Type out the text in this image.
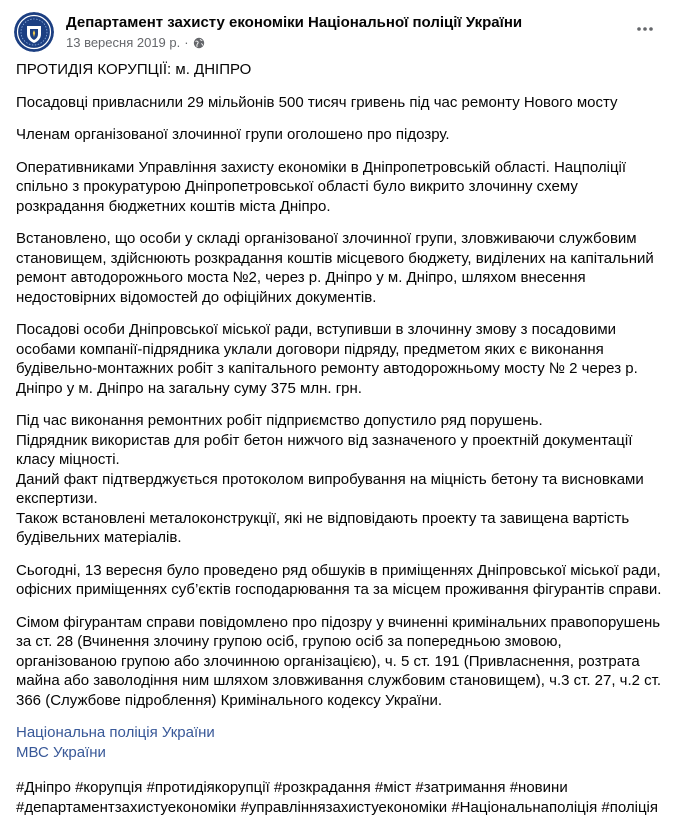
Департамент захисту економіки Національної поліції України
13 вересня 2019 р. ·

ПРОТИДІЯ КОРУПЦІЇ: м. ДНІПРО

Посадовці привласнили 29 мільйонів 500 тисяч гривень під час ремонту Нового мосту

Членам організованої злочинної групи оголошено про підозру.

Оперативниками Управління захисту економіки в Дніпропетровській області. Нацполіції спільно з прокуратурою Дніпропетровської області було викрито злочинну схему розкрадання бюджетних коштів міста Дніпро.

Встановлено, що особи у складі організованої злочинної групи, зловживаючи службовим становищем, здійснюють розкрадання коштів місцевого бюджету, виділених на капітальний ремонт автодорожнього моста №2, через р. Дніпро у м. Дніпро, шляхом внесення недостовірних відомостей до офіційних документів.

Посадові особи Дніпровської міської ради, вступивши в злочинну змову з посадовими особами компанії-підрядника уклали договори підряду, предметом яких є виконання будівельно-монтажних робіт з капітального ремонту автодорожньому мосту № 2 через р. Дніпро у м. Дніпро на загальну суму 375 млн. грн.

Під час виконання ремонтних робіт підприємство допустило ряд порушень.
Підрядник використав для робіт бетон нижчого від зазначеного у проектній документації класу міцності.
Даний факт підтверджується протоколом випробування на міцність бетону та висновками експертизи.
Також встановлені металоконструкції, які не відповідають проекту та завищена вартість будівельних матеріалів.

Сьогодні, 13 вересня було проведено ряд обшуків в приміщеннях Дніпровської міської ради, офісних приміщеннях суб’єктів господарювання та за місцем проживання фігурантів справи.

Сімом фігурантам справи повідомлено про підозру у вчиненні кримінальних правопорушень за ст. 28 (Вчинення злочину групою осіб, групою осіб за попередньою змовою, організованою групою або злочинною організацією), ч. 5 ст. 191 (Привласнення, розтрата майна або заволодіння ним шляхом зловживання службовим становищем), ч.3 ст. 27, ч.2 ст. 366 (Службове підроблення) Кримінального кодексу України.

Національна поліція України
МВС України
#Дніпро #корупція #протидіякорупції #розкрадання #міст #затримання #новини #департаментзахистуекономіки #управліннязахистуекономіки #Національнаполіція #поліція
